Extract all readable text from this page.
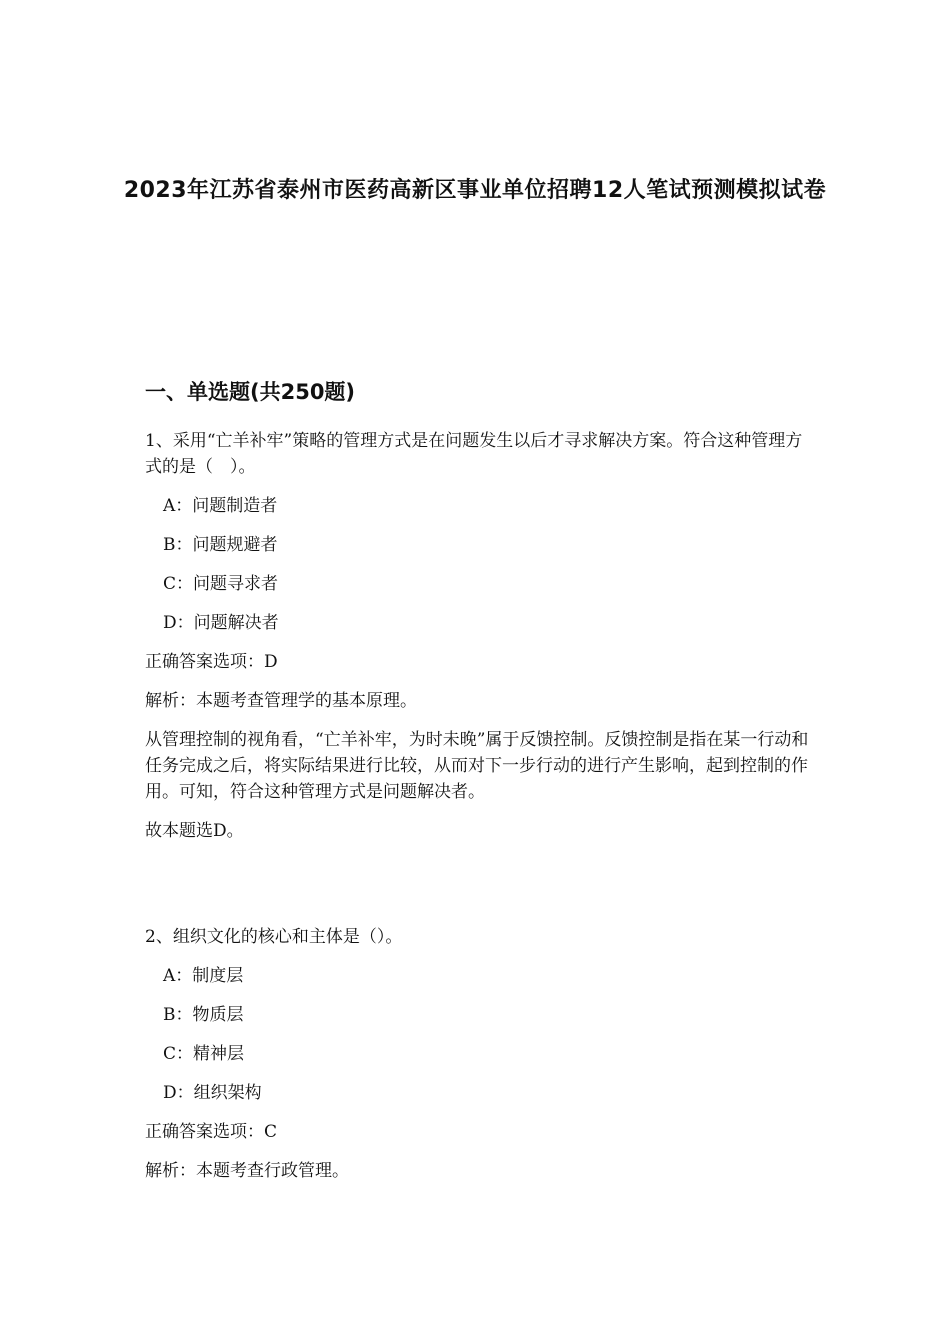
2023年江苏省泰州市医药高新区事业单位招聘12人笔试预测模拟试卷
一、单选题(共250题)

1、采用“亡羊补牢”策略的管理方式是在问题发生以后才寻求解决方案。符合这种管理方式的是（　）。

A：问题制造者

B：问题规避者

C：问题寻求者

D：问题解决者

正确答案选项：D

解析：本题考查管理学的基本原理。

从管理控制的视角看，“亡羊补牢，为时未晚”属于反馈控制。反馈控制是指在某一行动和任务完成之后，将实际结果进行比较，从而对下一步行动的进行产生影响，起到控制的作用。可知，符合这种管理方式是问题解决者。

故本题选D。

2、组织文化的核心和主体是（）。

A：制度层

B：物质层

C：精神层

D：组织架构

正确答案选项：C

解析：本题考查行政管理。
